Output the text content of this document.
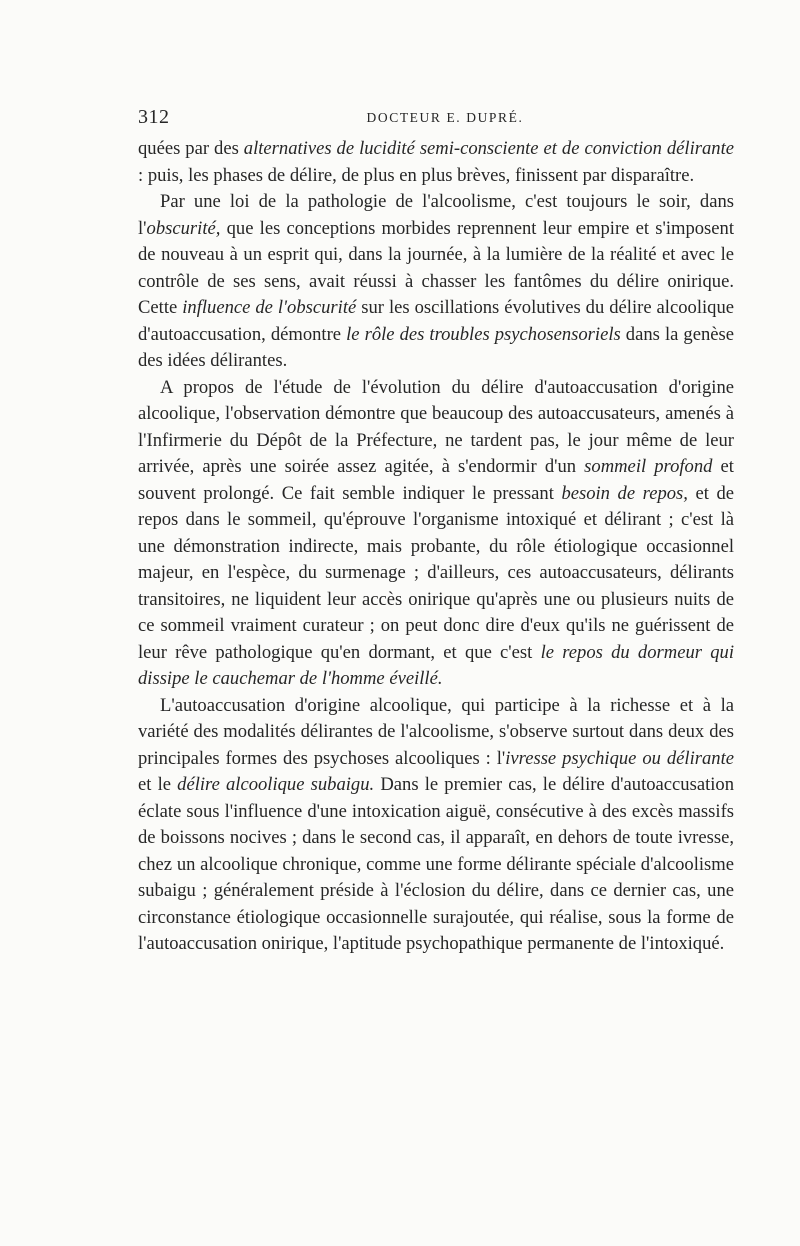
312	DOCTEUR E. DUPRÉ.

quées par des alternatives de lucidité semi-consciente et de conviction délirante : puis, les phases de délire, de plus en plus brèves, finissent par disparaître.

Par une loi de la pathologie de l'alcoolisme, c'est toujours le soir, dans l'obscurité, que les conceptions morbides reprennent leur empire et s'imposent de nouveau à un esprit qui, dans la journée, à la lumière de la réalité et avec le contrôle de ses sens, avait réussi à chasser les fantômes du délire onirique. Cette influence de l'obscurité sur les oscillations évolutives du délire alcoolique d'autoaccusation, démontre le rôle des troubles psychosensoriels dans la genèse des idées délirantes.

A propos de l'étude de l'évolution du délire d'autoaccusation d'origine alcoolique, l'observation démontre que beaucoup des autoaccusateurs, amenés à l'Infirmerie du Dépôt de la Préfecture, ne tardent pas, le jour même de leur arrivée, après une soirée assez agitée, à s'endormir d'un sommeil profond et souvent prolongé. Ce fait semble indiquer le pressant besoin de repos, et de repos dans le sommeil, qu'éprouve l'organisme intoxiqué et délirant ; c'est là une démonstration indirecte, mais probante, du rôle étiologique occasionnel majeur, en l'espèce, du surmenage ; d'ailleurs, ces autoaccusateurs, délirants transitoires, ne liquident leur accès onirique qu'après une ou plusieurs nuits de ce sommeil vraiment curateur ; on peut donc dire d'eux qu'ils ne guérissent de leur rêve pathologique qu'en dormant, et que c'est le repos du dormeur qui dissipe le cauchemar de l'homme éveillé.

L'autoaccusation d'origine alcoolique, qui participe à la richesse et à la variété des modalités délirantes de l'alcoolisme, s'observe surtout dans deux des principales formes des psychoses alcooliques : l'ivresse psychique ou délirante et le délire alcoolique subaigu. Dans le premier cas, le délire d'autoaccusation éclate sous l'influence d'une intoxication aiguë, consécutive à des excès massifs de boissons nocives ; dans le second cas, il apparaît, en dehors de toute ivresse, chez un alcoolique chronique, comme une forme délirante spéciale d'alcoolisme subaigu ; généralement préside à l'éclosion du délire, dans ce dernier cas, une circonstance étiologique occasionnelle surajoutée, qui réalise, sous la forme de l'autoaccusation onirique, l'aptitude psychopathique permanente de l'intoxiqué.
